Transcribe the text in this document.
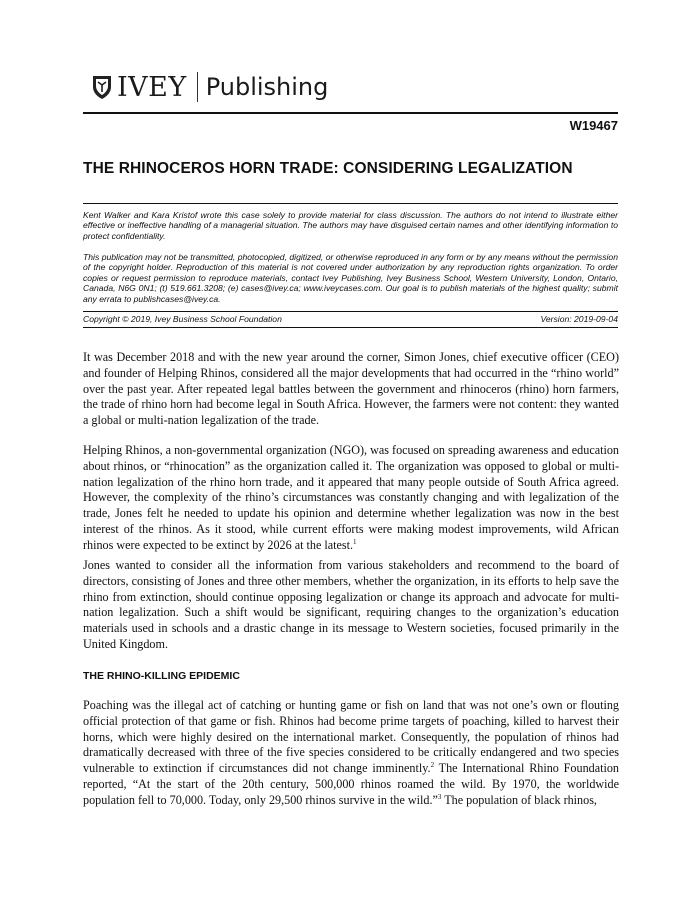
IVEY Publishing
W19467
THE RHINOCEROS HORN TRADE: CONSIDERING LEGALIZATION

Kent Walker and Kara Kristof wrote this case solely to provide material for class discussion. The authors do not intend to illustrate either effective or ineffective handling of a managerial situation. The authors may have disguised certain names and other identifying information to protect confidentiality.

This publication may not be transmitted, photocopied, digitized, or otherwise reproduced in any form or by any means without the permission of the copyright holder. Reproduction of this material is not covered under authorization by any reproduction rights organization. To order copies or request permission to reproduce materials, contact Ivey Publishing, Ivey Business School, Western University, London, Ontario, Canada, N6G 0N1; (t) 519.661.3208; (e) cases@ivey.ca; www.iveycases.com. Our goal is to publish materials of the highest quality; submit any errata to publishcases@ivey.ca.

Copyright © 2019, Ivey Business School Foundation	Version: 2019-09-04

It was December 2018 and with the new year around the corner, Simon Jones, chief executive officer (CEO) and founder of Helping Rhinos, considered all the major developments that had occurred in the “rhino world” over the past year. After repeated legal battles between the government and rhinoceros (rhino) horn farmers, the trade of rhino horn had become legal in South Africa. However, the farmers were not content: they wanted a global or multi-nation legalization of the trade.

Helping Rhinos, a non-governmental organization (NGO), was focused on spreading awareness and education about rhinos, or “rhinocation” as the organization called it. The organization was opposed to global or multi-nation legalization of the rhino horn trade, and it appeared that many people outside of South Africa agreed. However, the complexity of the rhino’s circumstances was constantly changing and with legalization of the trade, Jones felt he needed to update his opinion and determine whether legalization was now in the best interest of the rhinos. As it stood, while current efforts were making modest improvements, wild African rhinos were expected to be extinct by 2026 at the latest.$^1$

Jones wanted to consider all the information from various stakeholders and recommend to the board of directors, consisting of Jones and three other members, whether the organization, in its efforts to help save the rhino from extinction, should continue opposing legalization or change its approach and advocate for multi-nation legalization. Such a shift would be significant, requiring changes to the organization’s education materials used in schools and a drastic change in its message to Western societies, focused primarily in the United Kingdom.

THE RHINO-KILLING EPIDEMIC

Poaching was the illegal act of catching or hunting game or fish on land that was not one’s own or flouting official protection of that game or fish. Rhinos had become prime targets of poaching, killed to harvest their horns, which were highly desired on the international market. Consequently, the population of rhinos had dramatically decreased with three of the five species considered to be critically endangered and two species vulnerable to extinction if circumstances did not change imminently.$^2$ The International Rhino Foundation reported, “At the start of the 20th century, 500,000 rhinos roamed the wild. By 1970, the worldwide population fell to 70,000. Today, only 29,500 rhinos survive in the wild.”$^3$ The population of black rhinos,
